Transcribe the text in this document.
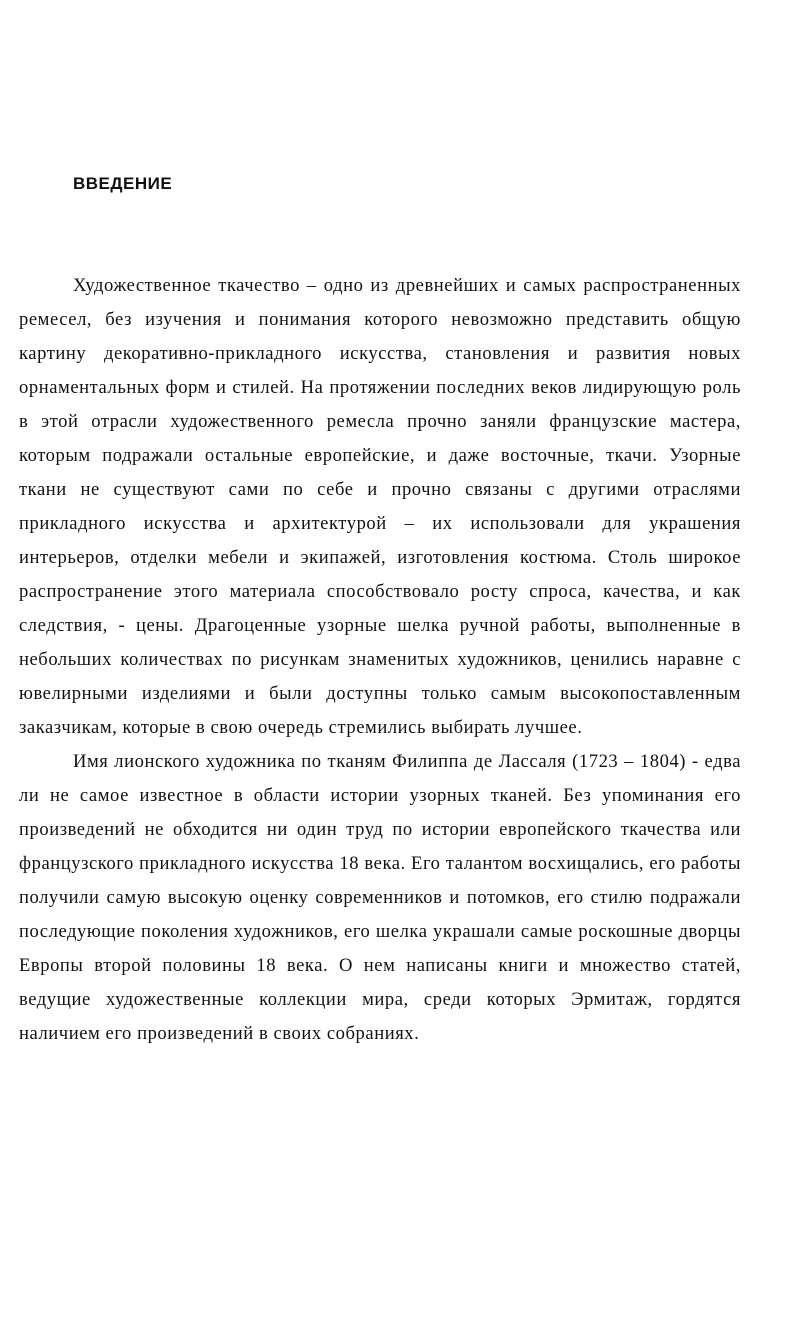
ВВЕДЕНИЕ

Художественное ткачество – одно из древнейших и самых распространенных ремесел, без изучения и понимания которого невозможно представить общую картину декоративно-прикладного искусства, становления и развития новых орнаментальных форм и стилей. На протяжении последних веков лидирующую роль в этой отрасли художественного ремесла прочно заняли французские мастера, которым подражали остальные европейские, и даже восточные, ткачи. Узорные ткани не существуют сами по себе и прочно связаны с другими отраслями прикладного искусства и архитектурой – их использовали для украшения интерьеров, отделки мебели и экипажей, изготовления костюма. Столь широкое распространение этого материала способствовало росту спроса, качества, и как следствия, - цены. Драгоценные узорные шелка ручной работы, выполненные в небольших количествах по рисункам знаменитых художников, ценились наравне с ювелирными изделиями и были доступны только самым высокопоставленным заказчикам, которые в свою очередь стремились выбирать лучшее.

Имя лионского художника по тканям Филиппа де Лассаля (1723 – 1804) - едва ли не самое известное в области истории узорных тканей. Без упоминания его произведений не обходится ни один труд по истории европейского ткачества или французского прикладного искусства 18 века. Его талантом восхищались, его работы получили самую высокую оценку современников и потомков, его стилю подражали последующие поколения художников, его шелка украшали самые роскошные дворцы Европы второй половины 18 века. О нем написаны книги и множество статей, ведущие художественные коллекции мира, среди которых Эрмитаж, гордятся наличием его произведений в своих собраниях.
